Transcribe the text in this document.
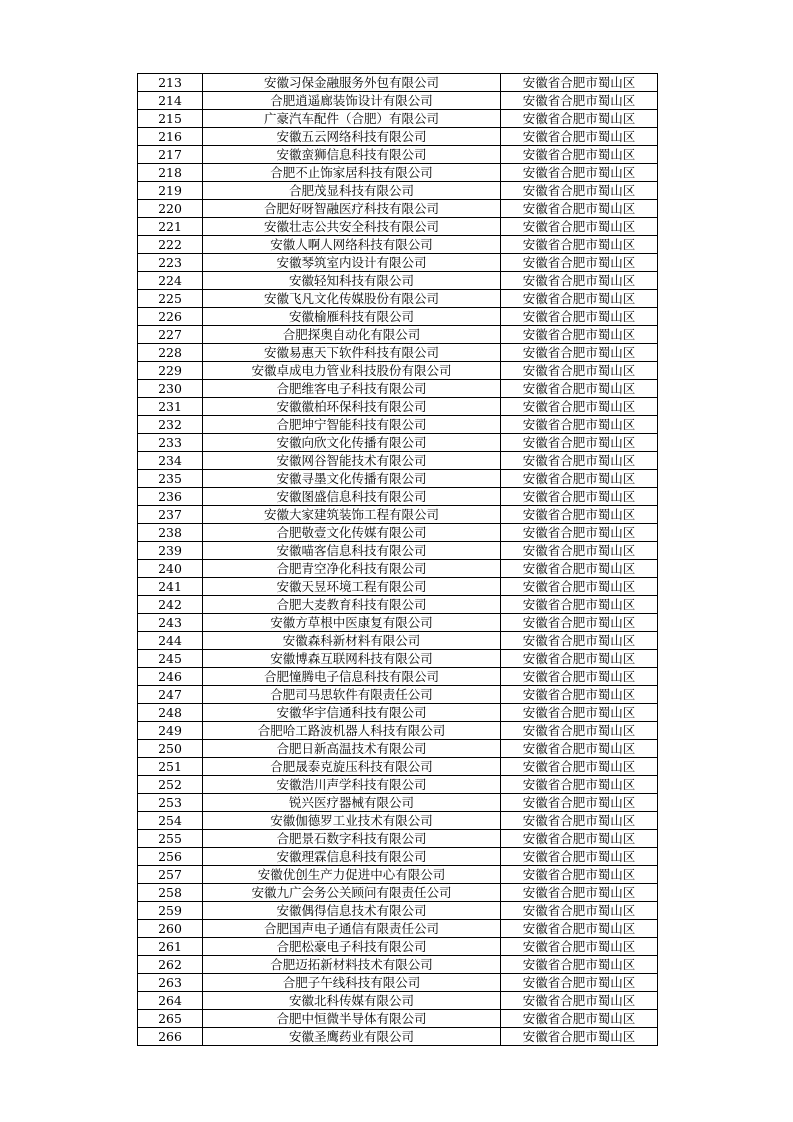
213	安徽习保金融服务外包有限公司	安徽省合肥市蜀山区
214	合肥逍遥廊装饰设计有限公司	安徽省合肥市蜀山区
215	广豪汽车配件（合肥）有限公司	安徽省合肥市蜀山区
216	安徽五云网络科技有限公司	安徽省合肥市蜀山区
217	安徽蛮狮信息科技有限公司	安徽省合肥市蜀山区
218	合肥不止饰家居科技有限公司	安徽省合肥市蜀山区
219	合肥茂显科技有限公司	安徽省合肥市蜀山区
220	合肥好呀智融医疗科技有限公司	安徽省合肥市蜀山区
221	安徽壮志公共安全科技有限公司	安徽省合肥市蜀山区
222	安徽人啊人网络科技有限公司	安徽省合肥市蜀山区
223	安徽琴筑室内设计有限公司	安徽省合肥市蜀山区
224	安徽轻知科技有限公司	安徽省合肥市蜀山区
225	安徽飞凡文化传媒股份有限公司	安徽省合肥市蜀山区
226	安徽榆雁科技有限公司	安徽省合肥市蜀山区
227	合肥探奥自动化有限公司	安徽省合肥市蜀山区
228	安徽易惠天下软件科技有限公司	安徽省合肥市蜀山区
229	安徽卓成电力管业科技股份有限公司	安徽省合肥市蜀山区
230	合肥维客电子科技有限公司	安徽省合肥市蜀山区
231	安徽徽柏环保科技有限公司	安徽省合肥市蜀山区
232	合肥坤宁智能科技有限公司	安徽省合肥市蜀山区
233	安徽向欣文化传播有限公司	安徽省合肥市蜀山区
234	安徽网谷智能技术有限公司	安徽省合肥市蜀山区
235	安徽寻墨文化传播有限公司	安徽省合肥市蜀山区
236	安徽图盛信息科技有限公司	安徽省合肥市蜀山区
237	安徽大家建筑装饰工程有限公司	安徽省合肥市蜀山区
238	合肥敬壹文化传媒有限公司	安徽省合肥市蜀山区
239	安徽喵客信息科技有限公司	安徽省合肥市蜀山区
240	合肥青空净化科技有限公司	安徽省合肥市蜀山区
241	安徽天昱环境工程有限公司	安徽省合肥市蜀山区
242	合肥大麦教育科技有限公司	安徽省合肥市蜀山区
243	安徽方草根中医康复有限公司	安徽省合肥市蜀山区
244	安徽森科新材料有限公司	安徽省合肥市蜀山区
245	安徽博森互联网科技有限公司	安徽省合肥市蜀山区
246	合肥憧腾电子信息科技有限公司	安徽省合肥市蜀山区
247	合肥司马思软件有限责任公司	安徽省合肥市蜀山区
248	安徽华宇信通科技有限公司	安徽省合肥市蜀山区
249	合肥哈工路波机器人科技有限公司	安徽省合肥市蜀山区
250	合肥日新高温技术有限公司	安徽省合肥市蜀山区
251	合肥晟泰克旋压科技有限公司	安徽省合肥市蜀山区
252	安徽浩川声学科技有限公司	安徽省合肥市蜀山区
253	锐兴医疗器械有限公司	安徽省合肥市蜀山区
254	安徽伽德罗工业技术有限公司	安徽省合肥市蜀山区
255	合肥景石数字科技有限公司	安徽省合肥市蜀山区
256	安徽理霖信息科技有限公司	安徽省合肥市蜀山区
257	安徽优创生产力促进中心有限公司	安徽省合肥市蜀山区
258	安徽九广会务公关顾问有限责任公司	安徽省合肥市蜀山区
259	安徽偶得信息技术有限公司	安徽省合肥市蜀山区
260	合肥国声电子通信有限责任公司	安徽省合肥市蜀山区
261	合肥松豪电子科技有限公司	安徽省合肥市蜀山区
262	合肥迈拓新材料技术有限公司	安徽省合肥市蜀山区
263	合肥子午线科技有限公司	安徽省合肥市蜀山区
264	安徽北科传媒有限公司	安徽省合肥市蜀山区
265	合肥中恒微半导体有限公司	安徽省合肥市蜀山区
266	安徽圣鹰药业有限公司	安徽省合肥市蜀山区
